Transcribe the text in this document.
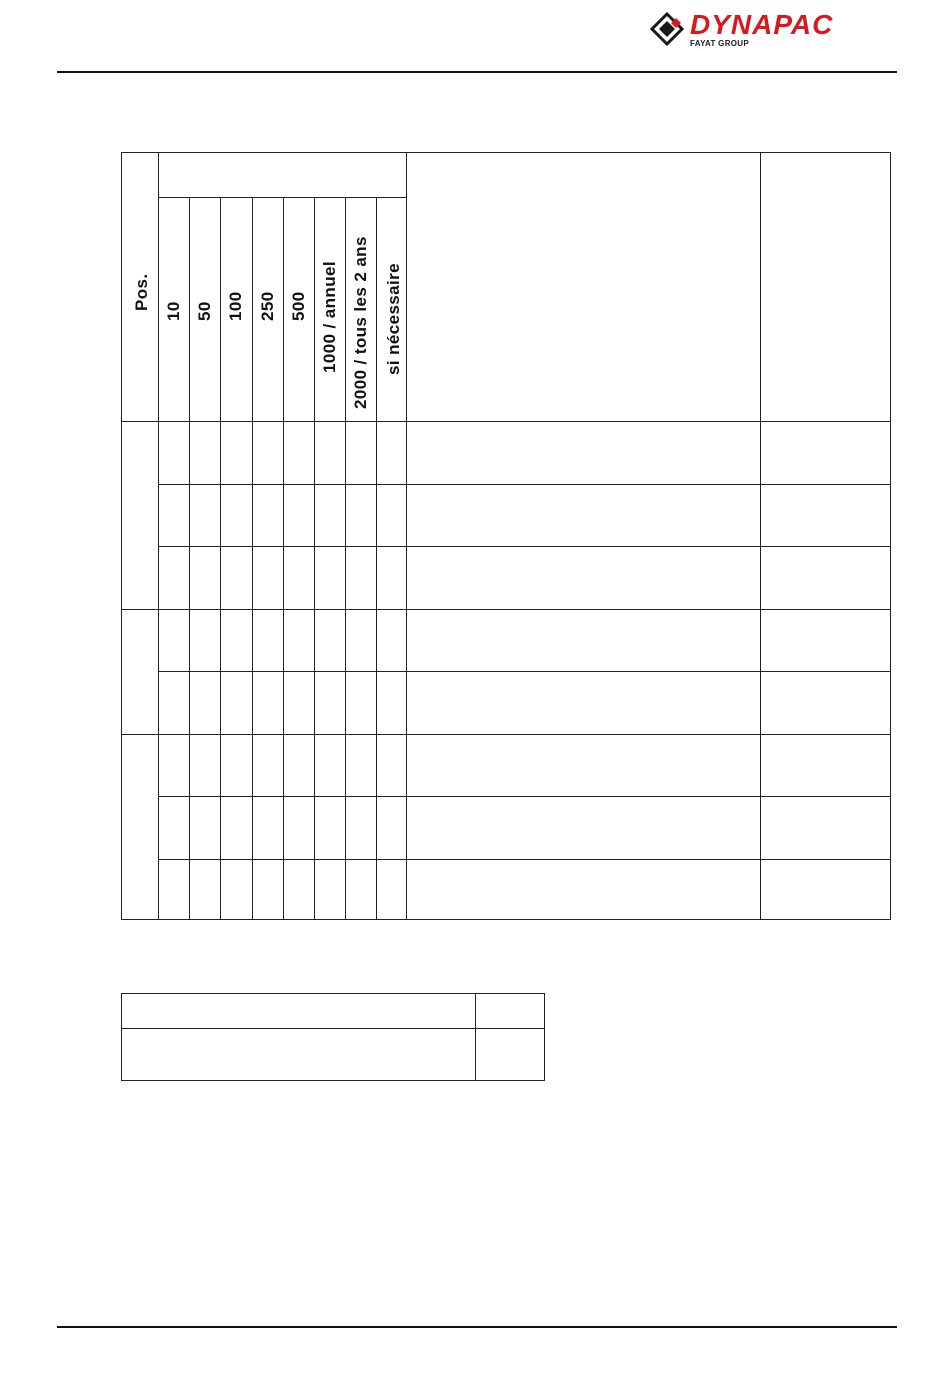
DYNAPAC
FAYAT GROUP
Pos.
10 50 100 250 500 1000 / annuel 2000 / tous les 2 ans si nécessaire
